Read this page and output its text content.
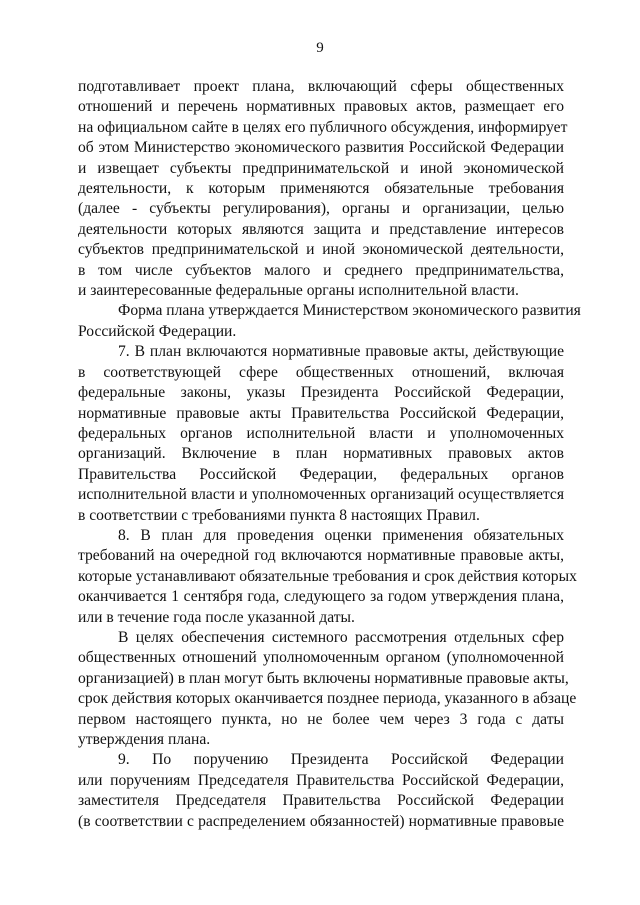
9
подготавливает проект плана, включающий сферы общественных
отношений и перечень нормативных правовых актов, размещает его
на официальном сайте в целях его публичного обсуждения, информирует
об этом Министерство экономического развития Российской Федерации
и извещает субъекты предпринимательской и иной экономической
деятельности, к которым применяются обязательные требования
(далее - субъекты регулирования), органы и организации, целью
деятельности которых являются защита и представление интересов
субъектов предпринимательской и иной экономической деятельности,
в том числе субъектов малого и среднего предпринимательства,
и заинтересованные федеральные органы исполнительной власти.
Форма плана утверждается Министерством экономического развития
Российской Федерации.
7. В план включаются нормативные правовые акты, действующие
в соответствующей сфере общественных отношений, включая
федеральные законы, указы Президента Российской Федерации,
нормативные правовые акты Правительства Российской Федерации,
федеральных органов исполнительной власти и уполномоченных
организаций. Включение в план нормативных правовых актов
Правительства Российской Федерации, федеральных органов
исполнительной власти и уполномоченных организаций осуществляется
в соответствии с требованиями пункта 8 настоящих Правил.
8. В план для проведения оценки применения обязательных
требований на очередной год включаются нормативные правовые акты,
которые устанавливают обязательные требования и срок действия которых
оканчивается 1 сентября года, следующего за годом утверждения плана,
или в течение года после указанной даты.
В целях обеспечения системного рассмотрения отдельных сфер
общественных отношений уполномоченным органом (уполномоченной
организацией) в план могут быть включены нормативные правовые акты,
срок действия которых оканчивается позднее периода, указанного в абзаце
первом настоящего пункта, но не более чем через 3 года с даты
утверждения плана.
9. По поручению Президента Российской Федерации
или поручениям Председателя Правительства Российской Федерации,
заместителя Председателя Правительства Российской Федерации
(в соответствии с распределением обязанностей) нормативные правовые
